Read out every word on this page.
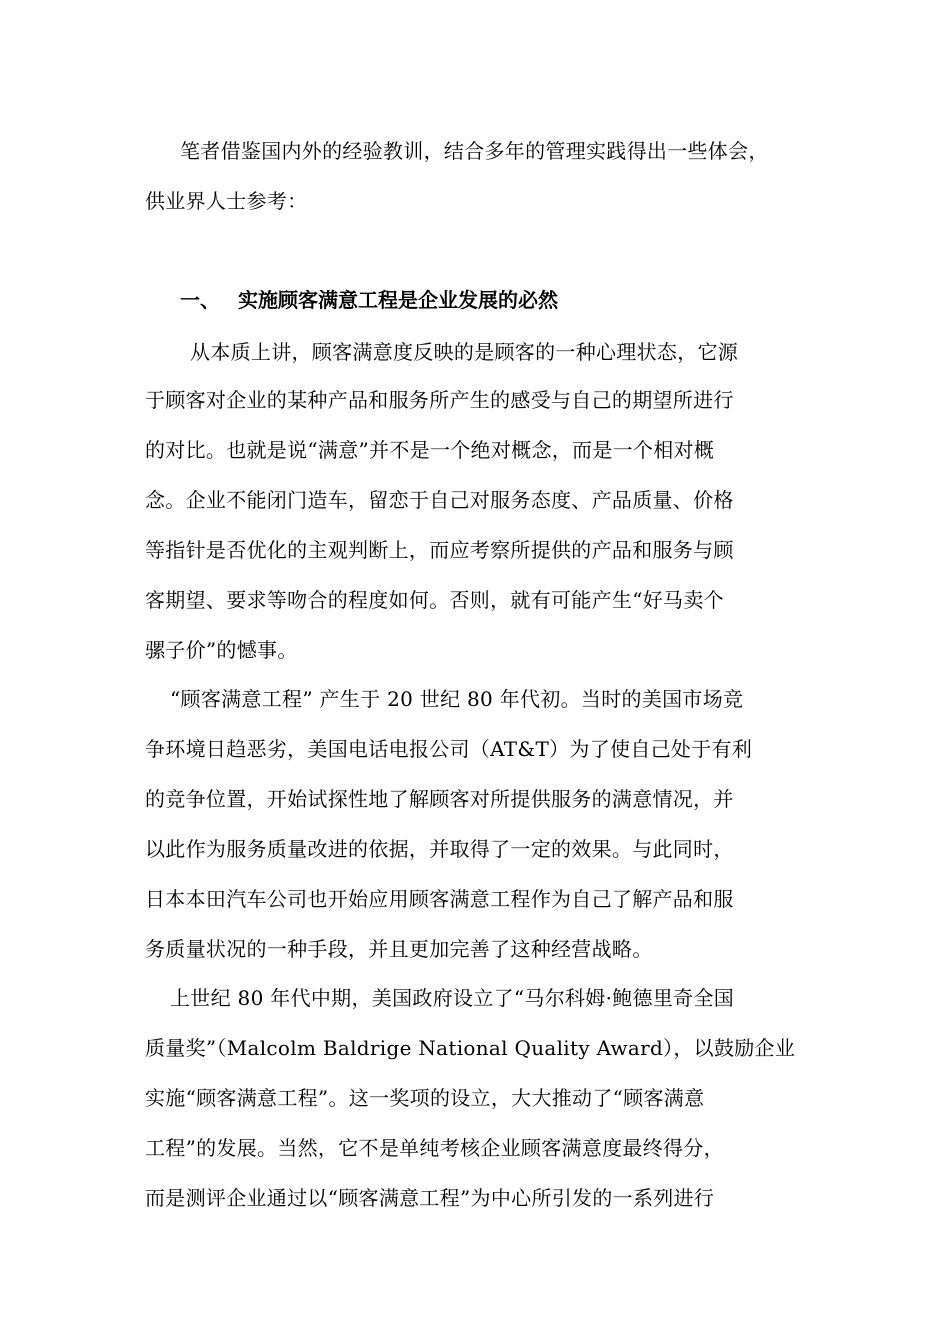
笔者借鉴国内外的经验教训，结合多年的管理实践得出一些体会，
供业界人士参考：
一、 实施顾客满意工程是企业发展的必然
从本质上讲，顾客满意度反映的是顾客的一种心理状态，它源
于顾客对企业的某种产品和服务所产生的感受与自己的期望所进行
的对比。也就是说“满意”并不是一个绝对概念，而是一个相对概
念。企业不能闭门造车，留恋于自己对服务态度、产品质量、价格
等指针是否优化的主观判断上，而应考察所提供的产品和服务与顾
客期望、要求等吻合的程度如何。否则，就有可能产生“好马卖个
骡子价”的憾事。
“顾客满意工程” 产生于 20 世纪 80 年代初。当时的美国市场竞
争环境日趋恶劣，美国电话电报公司（AT&T）为了使自己处于有利
的竞争位置，开始试探性地了解顾客对所提供服务的满意情况，并
以此作为服务质量改进的依据，并取得了一定的效果。与此同时，
日本本田汽车公司也开始应用顾客满意工程作为自己了解产品和服
务质量状况的一种手段，并且更加完善了这种经营战略。
上世纪 80 年代中期，美国政府设立了“马尔科姆·鲍德里奇全国
质量奖”（Malcolm Baldrige National Quality Award），以鼓励企业
实施“顾客满意工程”。这一奖项的设立，大大推动了“顾客满意
工程”的发展。当然，它不是单纯考核企业顾客满意度最终得分，
而是测评企业通过以“顾客满意工程”为中心所引发的一系列进行
